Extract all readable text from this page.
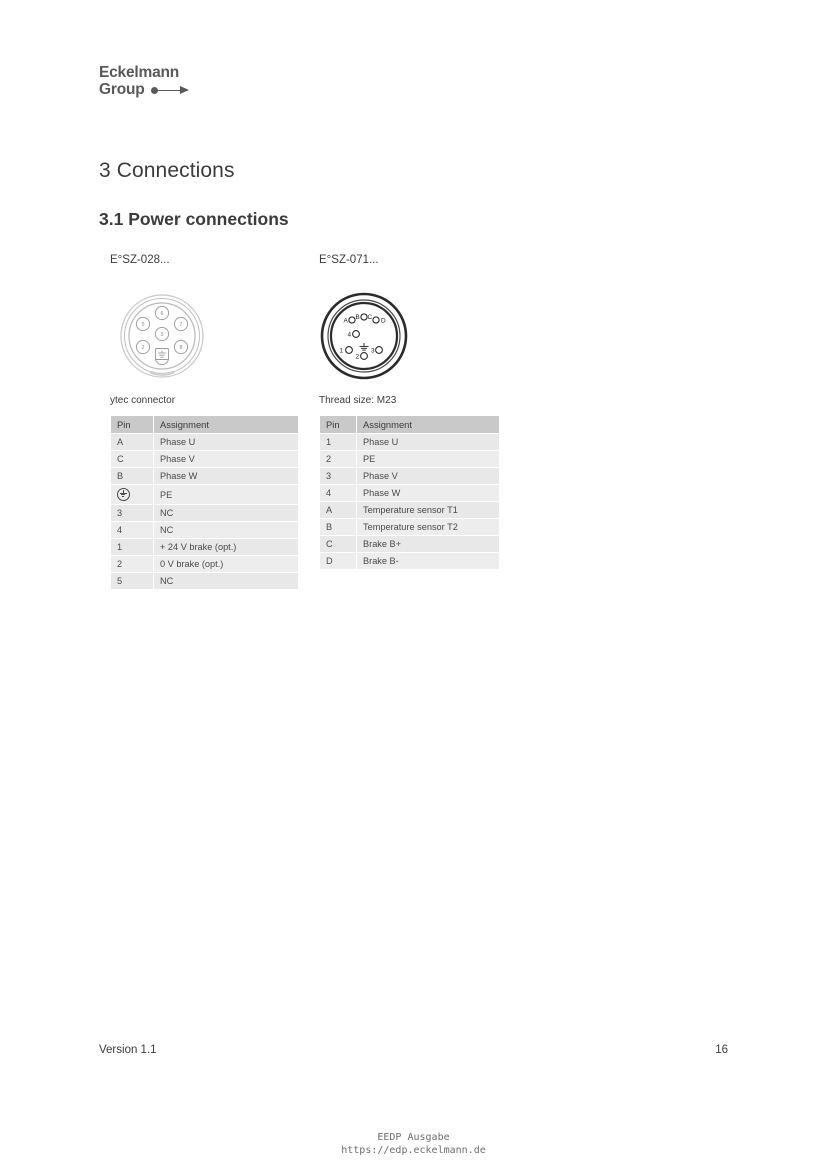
Eckelmann
Group
3 Connections
3.1 Power connections
E°SZ-028...
6
7
8
2
5
3
ytec connector
Pin	Assignment
A	Phase U
C	Phase V
B	Phase W

	PE
3	NC
4	NC
1	+ 24 V brake (opt.)
2	0 V brake (opt.)
5	NC
E°SZ-071...
A B C D
4
1
2
3
Thread size: M23
Pin	Assignment
1	Phase U
2	PE
3	Phase V
4	Phase W
A	Temperature sensor T1
B	Temperature sensor T2
C	Brake B+
D	Brake B-
Version 1.1	16
EEDP Ausgabe
https://edp.eckelmann.de
